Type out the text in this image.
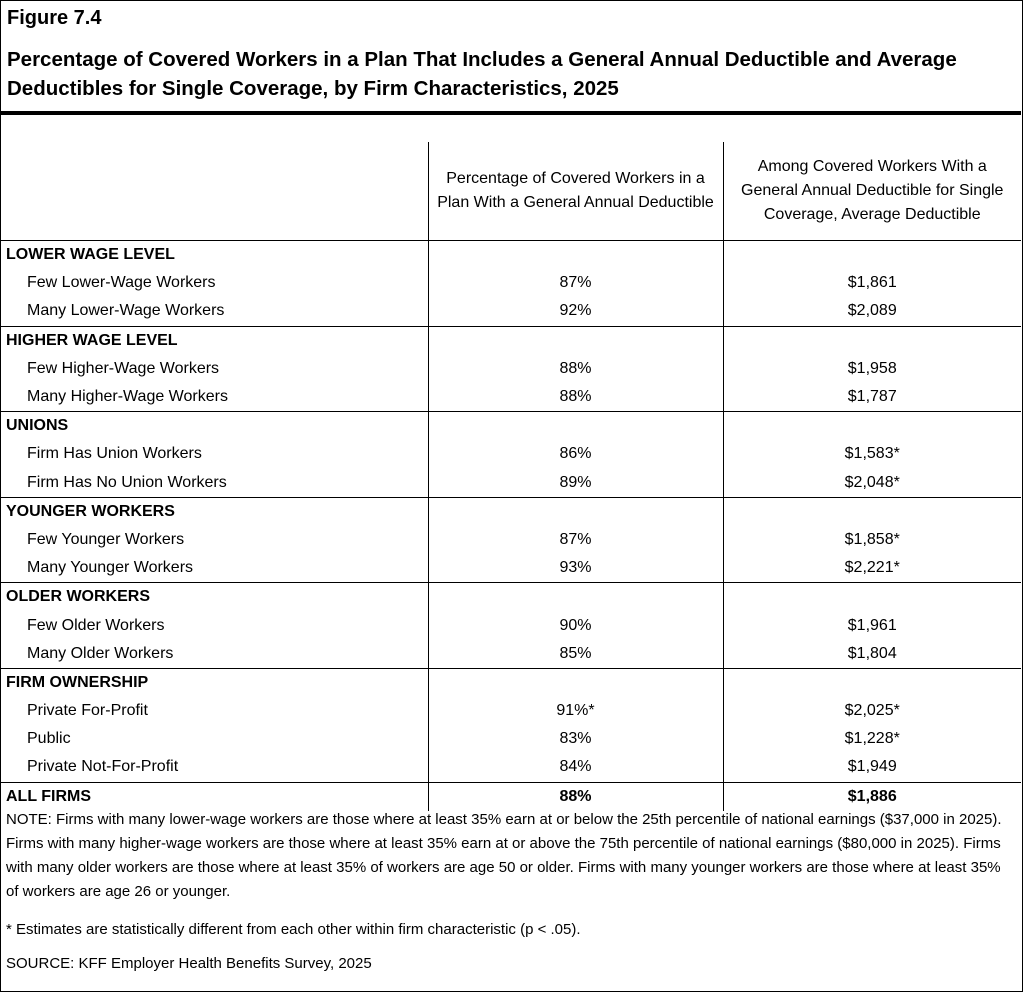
Figure 7.4
Percentage of Covered Workers in a Plan That Includes a General Annual Deductible and Average Deductibles for Single Coverage, by Firm Characteristics, 2025
	Percentage of Covered Workers in a Plan With a General Annual Deductible	Among Covered Workers With a General Annual Deductible for Single Coverage, Average Deductible
LOWER WAGE LEVEL		
Few Lower-Wage Workers	87%	$1,861
Many Lower-Wage Workers	92%	$2,089
HIGHER WAGE LEVEL		
Few Higher-Wage Workers	88%	$1,958
Many Higher-Wage Workers	88%	$1,787
UNIONS		
Firm Has Union Workers	86%	$1,583*
Firm Has No Union Workers	89%	$2,048*
YOUNGER WORKERS		
Few Younger Workers	87%	$1,858*
Many Younger Workers	93%	$2,221*
OLDER WORKERS		
Few Older Workers	90%	$1,961
Many Older Workers	85%	$1,804
FIRM OWNERSHIP		
Private For-Profit	91%*	$2,025*
Public	83%	$1,228*
Private Not-For-Profit	84%	$1,949
ALL FIRMS	88%	$1,886

NOTE: Firms with many lower-wage workers are those where at least 35% earn at or below the 25th percentile of national earnings ($37,000 in 2025). Firms with many higher-wage workers are those where at least 35% earn at or above the 75th percentile of national earnings ($80,000 in 2025). Firms with many older workers are those where at least 35% of workers are age 50 or older. Firms with many younger workers are those where at least 35% of workers are age 26 or younger.

* Estimates are statistically different from each other within firm characteristic (p < .05).

SOURCE: KFF Employer Health Benefits Survey, 2025
